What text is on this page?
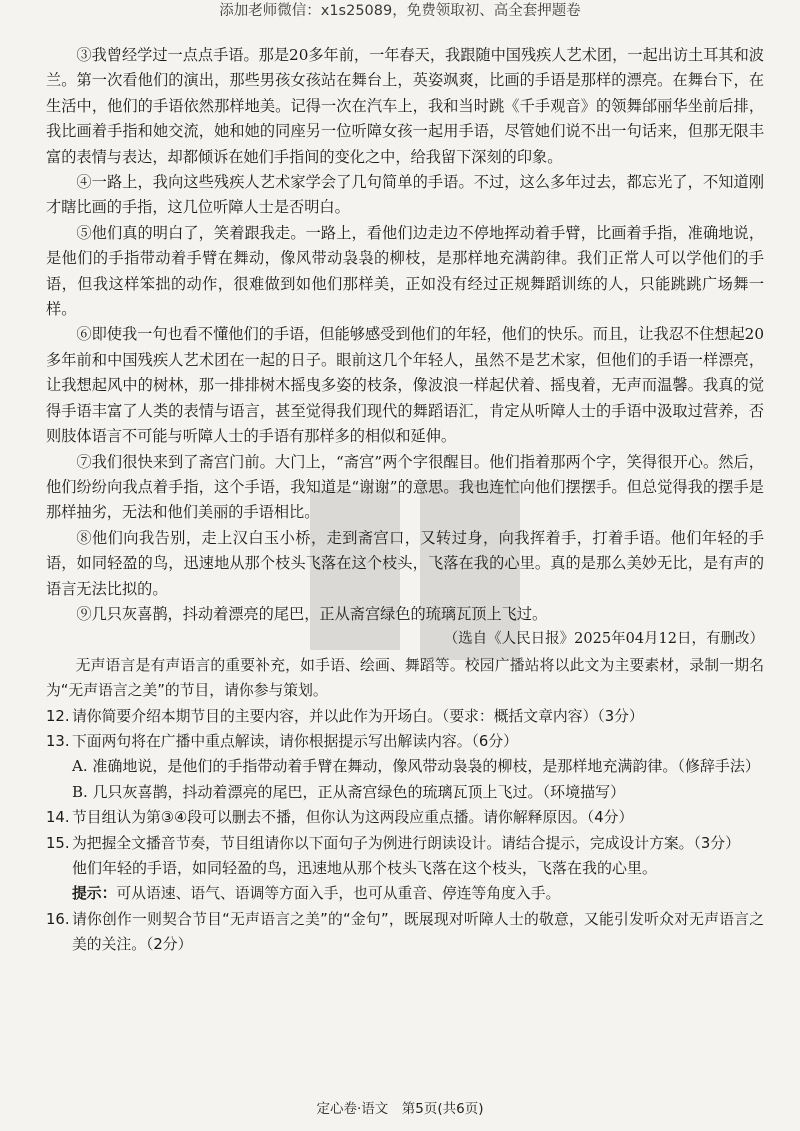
添加老师微信：x1s25089，免费领取初、高全套押题卷

③我曾经学过一点点手语。那是20多年前，一年春天，我跟随中国残疾人艺术团，一起出访土耳其和波兰。第一次看他们的演出，那些男孩女孩站在舞台上，英姿飒爽，比画的手语是那样的漂亮。在舞台下，在生活中，他们的手语依然那样地美。记得一次在汽车上，我和当时跳《千手观音》的领舞邰丽华坐前后排，我比画着手指和她交流，她和她的同座另一位听障女孩一起用手语，尽管她们说不出一句话来，但那无限丰富的表情与表达，却都倾诉在她们手指间的变化之中，给我留下深刻的印象。

④一路上，我向这些残疾人艺术家学会了几句简单的手语。不过，这么多年过去，都忘光了，不知道刚才瞎比画的手指，这几位听障人士是否明白。

⑤他们真的明白了，笑着跟我走。一路上，看他们边走边不停地挥动着手臂，比画着手指，准确地说，是他们的手指带动着手臂在舞动，像风带动袅袅的柳枝，是那样地充满韵律。我们正常人可以学他们的手语，但我这样笨拙的动作，很难做到如他们那样美，正如没有经过正规舞蹈训练的人，只能跳跳广场舞一样。

⑥即使我一句也看不懂他们的手语，但能够感受到他们的年轻，他们的快乐。而且，让我忍不住想起20多年前和中国残疾人艺术团在一起的日子。眼前这几个年轻人，虽然不是艺术家，但他们的手语一样漂亮，让我想起风中的树林，那一排排树木摇曳多姿的枝条，像波浪一样起伏着、摇曳着，无声而温馨。我真的觉得手语丰富了人类的表情与语言，甚至觉得我们现代的舞蹈语汇，肯定从听障人士的手语中汲取过营养，否则肢体语言不可能与听障人士的手语有那样多的相似和延伸。

⑦我们很快来到了斋宫门前。大门上，“斋宫”两个字很醒目。他们指着那两个字，笑得很开心。然后，他们纷纷向我点着手指，这个手语，我知道是“谢谢”的意思。我也连忙向他们摆摆手。但总觉得我的摆手是那样抽劣，无法和他们美丽的手语相比。

⑧他们向我告别，走上汉白玉小桥，走到斋宫口，又转过身，向我挥着手，打着手语。他们年轻的手语，如同轻盈的鸟，迅速地从那个枝头飞落在这个枝头，飞落在我的心里。真的是那么美妙无比，是有声的语言无法比拟的。

⑨几只灰喜鹊，抖动着漂亮的尾巴，正从斋宫绿色的琉璃瓦顶上飞过。

（选自《人民日报》2025年04月12日，有删改）

无声语言是有声语言的重要补充，如手语、绘画、舞蹈等。校园广播站将以此文为主要素材，录制一期名为“无声语言之美”的节目，请你参与策划。

12. 请你简要介绍本期节目的主要内容，并以此作为开场白。（要求：概括文章内容）（3分）
13. 下面两句将在广播中重点解读，请你根据提示写出解读内容。（6分）

A. 准确地说，是他们的手指带动着手臂在舞动，像风带动袅袅的柳枝，是那样地充满韵律。（修辞手法）

B. 几只灰喜鹊，抖动着漂亮的尾巴，正从斋宫绿色的琉璃瓦顶上飞过。（环境描写）

14. 节目组认为第③④段可以删去不播，但你认为这两段应重点播。请你解释原因。（4分）
15. 为把握全文播音节奏，节目组请你以下面句子为例进行朗读设计。请结合提示，完成设计方案。（3分）

他们年轻的手语，如同轻盈的鸟，迅速地从那个枝头飞落在这个枝头，飞落在我的心里。

提示：可从语速、语气、语调等方面入手，也可从重音、停连等角度入手。

16. 请你创作一则契合节目“无声语言之美”的“金句”，既展现对听障人士的敬意，又能引发听众对无声语言之美的关注。（2分）
定心卷·语文　第5页(共6页)
